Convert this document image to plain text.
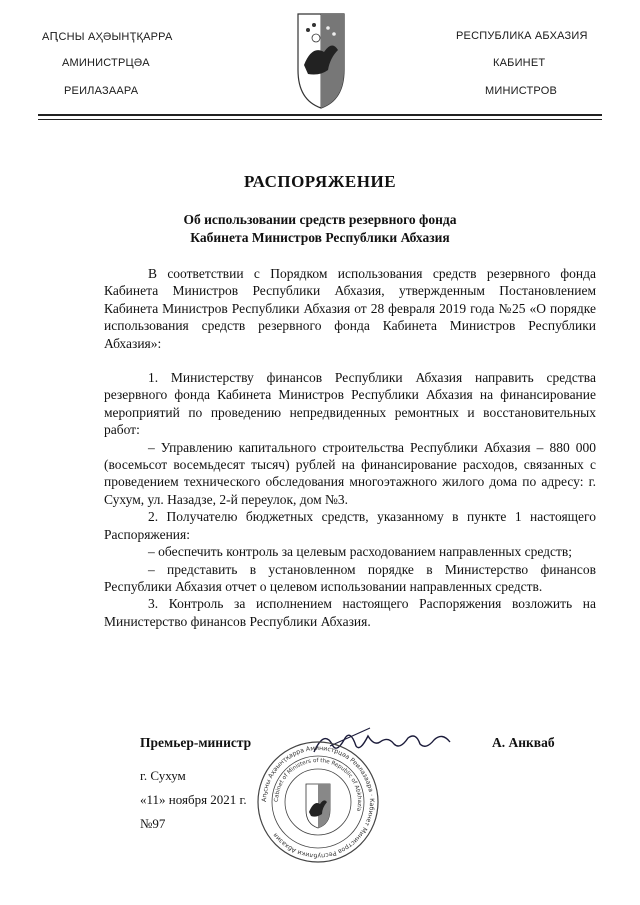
АԤСНЫ АҲӘЫНҬҚАРРА
АМИНИСТРЦӘА
РЕИЛАЗААРА
РЕСПУБЛИКА АБХАЗИЯ
КАБИНЕТ
МИНИСТРОВ
РАСПОРЯЖЕНИЕ
Об использовании средств резервного фонда
Кабинета Министров Республики Абхазия

В соответствии с Порядком использования средств резервного фонда Кабинета Министров Республики Абхазия, утвержденным Постановлением Кабинета Министров Республики Абхазия от 28 февраля 2019 года №25 «О порядке использования средств резервного фонда Кабинета Министров Республики Абхазия»:

1. Министерству финансов Республики Абхазия направить средства резервного фонда Кабинета Министров Республики Абхазия на финансирование мероприятий по проведению непредвиденных ремонтных и восстановительных работ:

– Управлению капитального строительства Республики Абхазия – 880 000 (восемьсот восемьдесят тысяч) рублей на финансирование расходов, связанных с проведением технического обследования многоэтажного жилого дома по адресу: г. Сухум, ул. Назадзе, 2-й переулок, дом №3.

2. Получателю бюджетных средств, указанному в пункте 1 настоящего Распоряжения:

– обеспечить контроль за целевым расходованием направленных средств;

– представить в установленном порядке в Министерство финансов Республики Абхазия отчет о целевом использовании направленных средств.

3. Контроль за исполнением настоящего Распоряжения возложить на Министерство финансов Республики Абхазия.

Премьер-министр	А. Анкваб
Аҧсны Аҳәынҭқарра Аминистрцәа Реилазаара · Кабинет Министров Республики Абхазия
Cabinet of Ministers of the Republic of Abkhazia
г. Сухум
«11» ноября 2021 г.
№97
